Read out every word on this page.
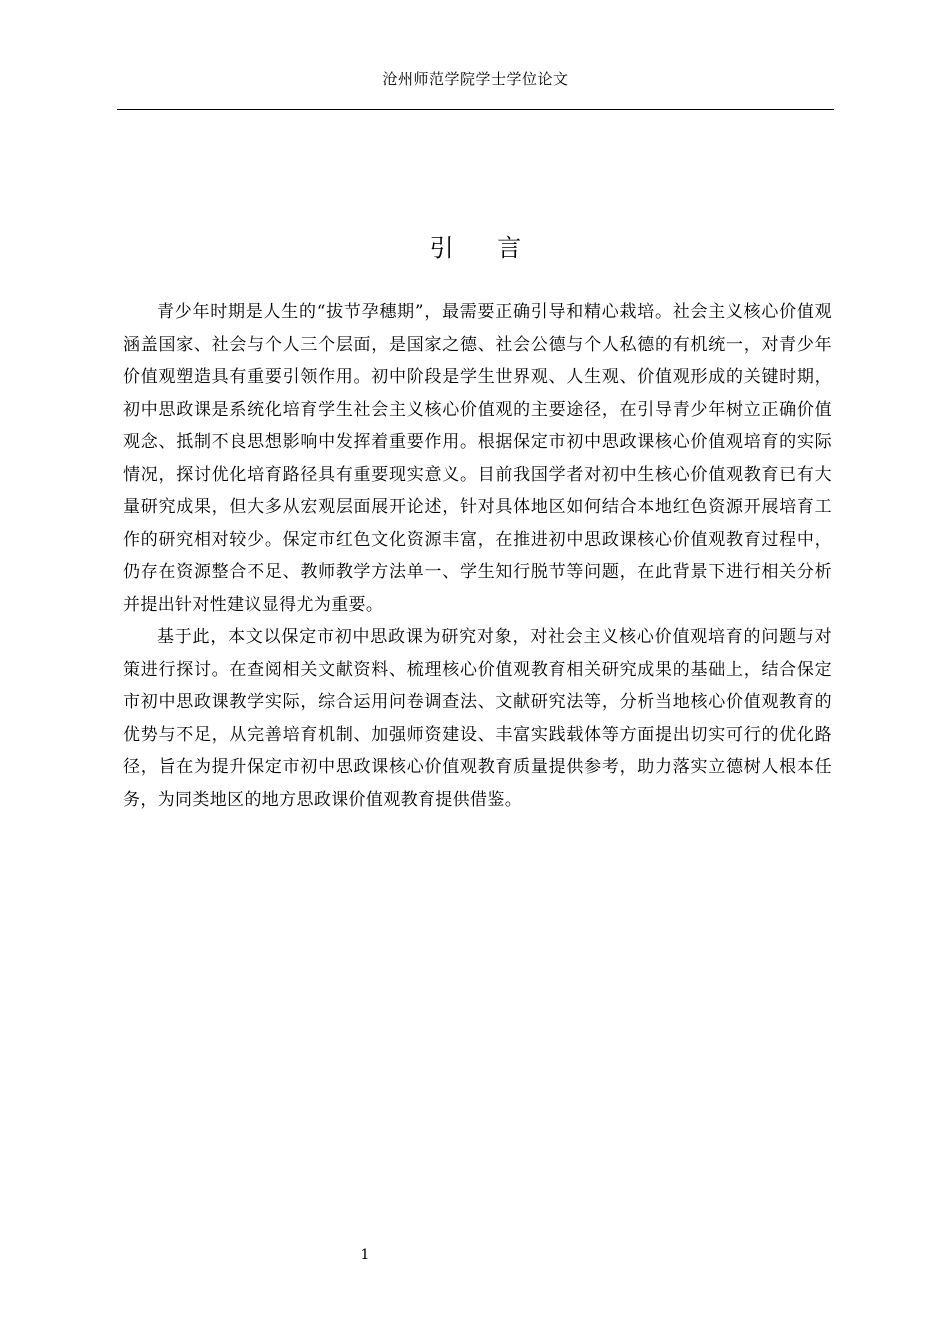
沧州师范学院学士学位论文
引 言

青少年时期是人生的“拔节孕穗期”，最需要正确引导和精心栽培。社会主义核心价值观涵盖国家、社会与个人三个层面，是国家之德、社会公德与个人私德的有机统一，对青少年价值观塑造具有重要引领作用。初中阶段是学生世界观、人生观、价值观形成的关键时期，初中思政课是系统化培育学生社会主义核心价值观的主要途径，在引导青少年树立正确价值观念、抵制不良思想影响中发挥着重要作用。根据保定市初中思政课核心价值观培育的实际情况，探讨优化培育路径具有重要现实意义。目前我国学者对初中生核心价值观教育已有大量研究成果，但大多从宏观层面展开论述，针对具体地区如何结合本地红色资源开展培育工作的研究相对较少。保定市红色文化资源丰富，在推进初中思政课核心价值观教育过程中，仍存在资源整合不足、教师教学方法单一、学生知行脱节等问题，在此背景下进行相关分析并提出针对性建议显得尤为重要。

基于此，本文以保定市初中思政课为研究对象，对社会主义核心价值观培育的问题与对策进行探讨。在查阅相关文献资料、梳理核心价值观教育相关研究成果的基础上，结合保定市初中思政课教学实际，综合运用问卷调查法、文献研究法等，分析当地核心价值观教育的优势与不足，从完善培育机制、加强师资建设、丰富实践载体等方面提出切实可行的优化路径，旨在为提升保定市初中思政课核心价值观教育质量提供参考，助力落实立德树人根本任务，为同类地区的地方思政课价值观教育提供借鉴。

1
